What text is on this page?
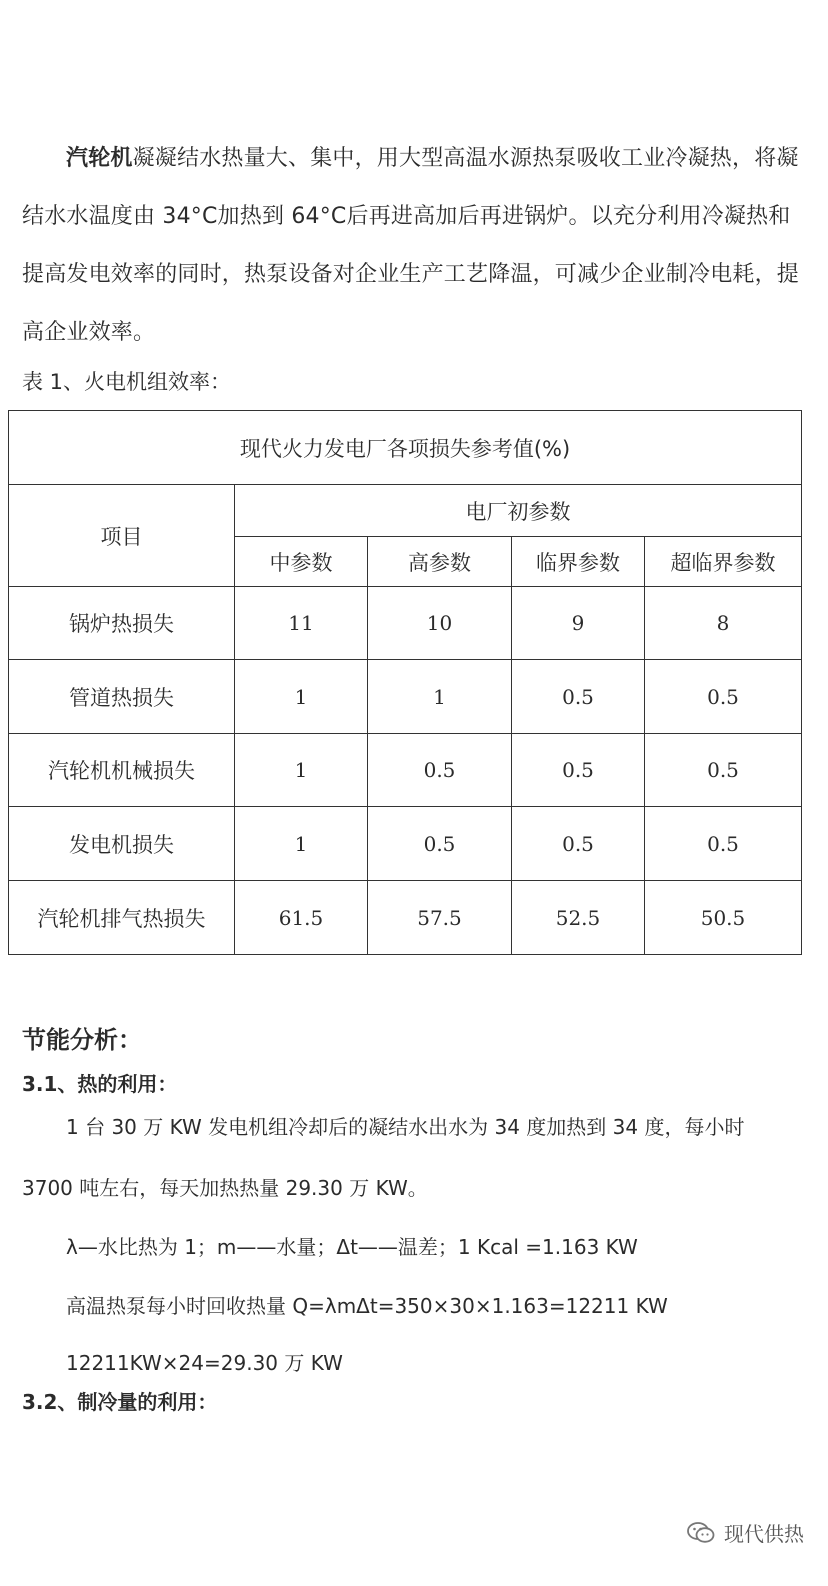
汽轮机凝凝结水热量大、集中，用大型高温水源热泵吸收工业冷凝热，将凝结水水温度由 34°C加热到 64°C后再进高加后再进锅炉。以充分利用冷凝热和提高发电效率的同时，热泵设备对企业生产工艺降温，可减少企业制冷电耗，提高企业效率。
表 1、火电机组效率：
现代火力发电厂各项损失参考值(%)				
项目	电厂初参数			
	中参数	高参数	临界参数	超临界参数
锅炉热损失	11	10	9	8
管道热损失	1	1	0.5	0.5
汽轮机机械损失	1	0.5	0.5	0.5
发电机损失	1	0.5	0.5	0.5
汽轮机排气热损失	61.5	57.5	52.5	50.5
节能分析：
3.1、热的利用：
1 台 30 万 KW 发电机组冷却后的凝结水出水为 34 度加热到 34 度，每小时
3700 吨左右，每天加热热量 29.30 万 KW。
λ—水比热为 1；m——水量；Δt——温差；1 Kcal =1.163 KW
高温热泵每小时回收热量 Q=λmΔt=350×30×1.163=12211 KW
12211KW×24=29.30 万 KW
3.2、制冷量的利用：
现代供热
